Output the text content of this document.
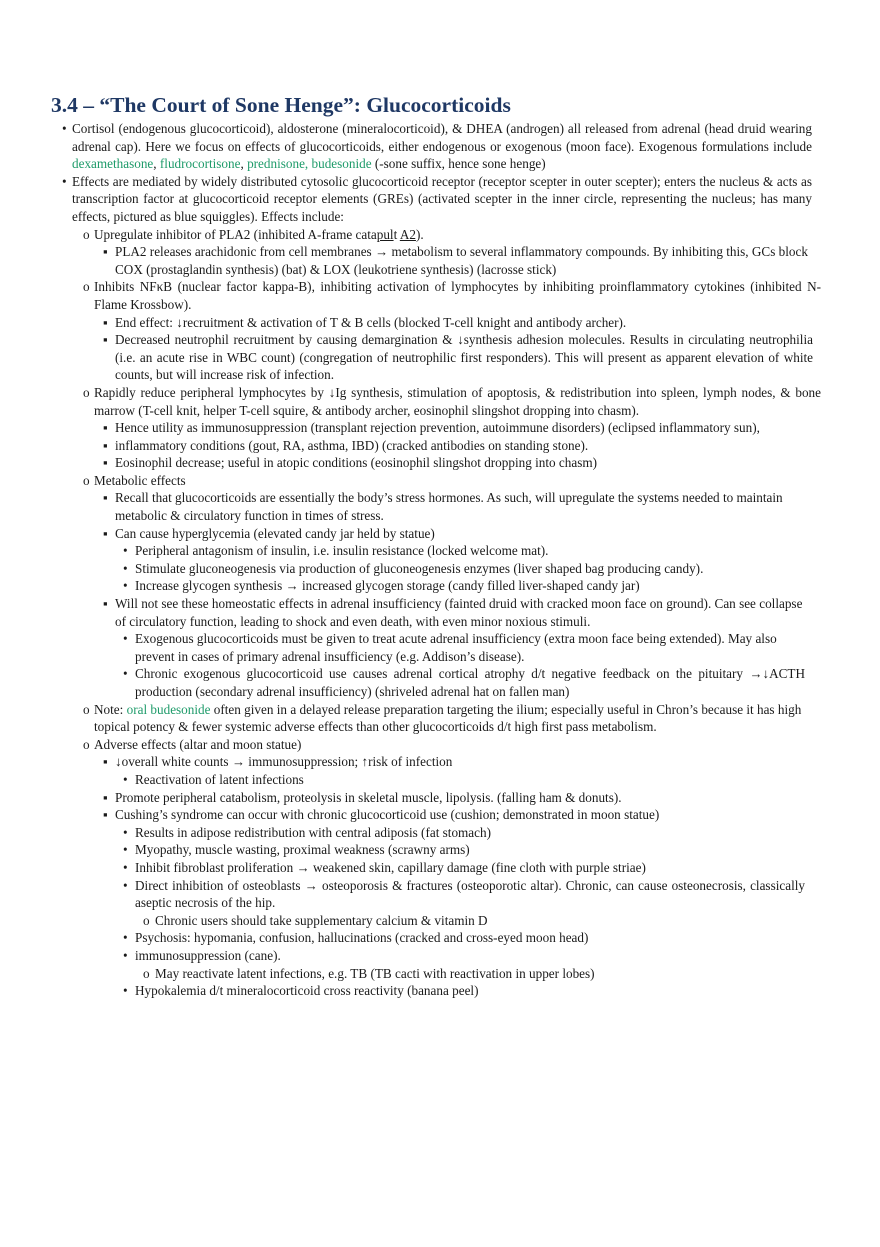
3.4 – “The Court of Sone Henge”: Glucocorticoids
• Cortisol (endogenous glucocorticoid), aldosterone (mineralocorticoid), & DHEA (androgen) all released from adrenal (head druid wearing adrenal cap). Here we focus on effects of glucocorticoids, either endogenous or exogenous (moon face). Exogenous formulations include dexamethasone, fludrocortisone, prednisone, budesonide (-sone suffix, hence sone henge)
• Effects are mediated by widely distributed cytosolic glucocorticoid receptor (receptor scepter in outer scepter); enters the nucleus & acts as transcription factor at glucocorticoid receptor elements (GREs) (activated scepter in the inner circle, representing the nucleus; has many effects, pictured as blue squiggles). Effects include:
o Upregulate inhibitor of PLA2 (inhibited A-frame catapult A2).
▪ PLA2 releases arachidonic from cell membranes → metabolism to several inflammatory compounds. By inhibiting this, GCs block COX (prostaglandin synthesis) (bat) & LOX (leukotriene synthesis) (lacrosse stick)
o Inhibits NFκB (nuclear factor kappa-B), inhibiting activation of lymphocytes by inhibiting proinflammatory cytokines (inhibited N-Flame Krossbow).
▪ End effect: ↓recruitment & activation of T & B cells (blocked T-cell knight and antibody archer).
▪ Decreased neutrophil recruitment by causing demargination & ↓synthesis adhesion molecules. Results in circulating neutrophilia (i.e. an acute rise in WBC count) (congregation of neutrophilic first responders). This will present as apparent elevation of white counts, but will increase risk of infection.
o Rapidly reduce peripheral lymphocytes by ↓Ig synthesis, stimulation of apoptosis, & redistribution into spleen, lymph nodes, & bone marrow (T-cell knit, helper T-cell squire, & antibody archer, eosinophil slingshot dropping into chasm).
▪ Hence utility as immunosuppression (transplant rejection prevention, autoimmune disorders) (eclipsed inflammatory sun),
▪ inflammatory conditions (gout, RA, asthma, IBD) (cracked antibodies on standing stone).
▪ Eosinophil decrease; useful in atopic conditions (eosinophil slingshot dropping into chasm)
o Metabolic effects
▪ Recall that glucocorticoids are essentially the body’s stress hormones. As such, will upregulate the systems needed to maintain metabolic & circulatory function in times of stress.
▪ Can cause hyperglycemia (elevated candy jar held by statue)
• Peripheral antagonism of insulin, i.e. insulin resistance (locked welcome mat).
• Stimulate gluconeogenesis via production of gluconeogenesis enzymes (liver shaped bag producing candy).
• Increase glycogen synthesis → increased glycogen storage (candy filled liver-shaped candy jar)
▪ Will not see these homeostatic effects in adrenal insufficiency (fainted druid with cracked moon face on ground). Can see collapse of circulatory function, leading to shock and even death, with even minor noxious stimuli.
• Exogenous glucocorticoids must be given to treat acute adrenal insufficiency (extra moon face being extended). May also prevent in cases of primary adrenal insufficiency (e.g. Addison’s disease).
• Chronic exogenous glucocorticoid use causes adrenal cortical atrophy d/t negative feedback on the pituitary →↓ACTH production (secondary adrenal insufficiency) (shriveled adrenal hat on fallen man)
o Note: oral budesonide often given in a delayed release preparation targeting the ilium; especially useful in Chron’s because it has high topical potency & fewer systemic adverse effects than other glucocorticoids d/t high first pass metabolism.
o Adverse effects (altar and moon statue)
▪ ↓overall white counts → immunosuppression; ↑risk of infection
• Reactivation of latent infections
▪ Promote peripheral catabolism, proteolysis in skeletal muscle, lipolysis. (falling ham & donuts).
▪ Cushing’s syndrome can occur with chronic glucocorticoid use (cushion; demonstrated in moon statue)
• Results in adipose redistribution with central adiposis (fat stomach)
• Myopathy, muscle wasting, proximal weakness (scrawny arms)
• Inhibit fibroblast proliferation → weakened skin, capillary damage (fine cloth with purple striae)
• Direct inhibition of osteoblasts → osteoporosis & fractures (osteoporotic altar). Chronic, can cause osteonecrosis, classically aseptic necrosis of the hip.
o Chronic users should take supplementary calcium & vitamin D
• Psychosis: hypomania, confusion, hallucinations (cracked and cross-eyed moon head)
• immunosuppression (cane).
o May reactivate latent infections, e.g. TB (TB cacti with reactivation in upper lobes)
• Hypokalemia d/t mineralocorticoid cross reactivity (banana peel)
